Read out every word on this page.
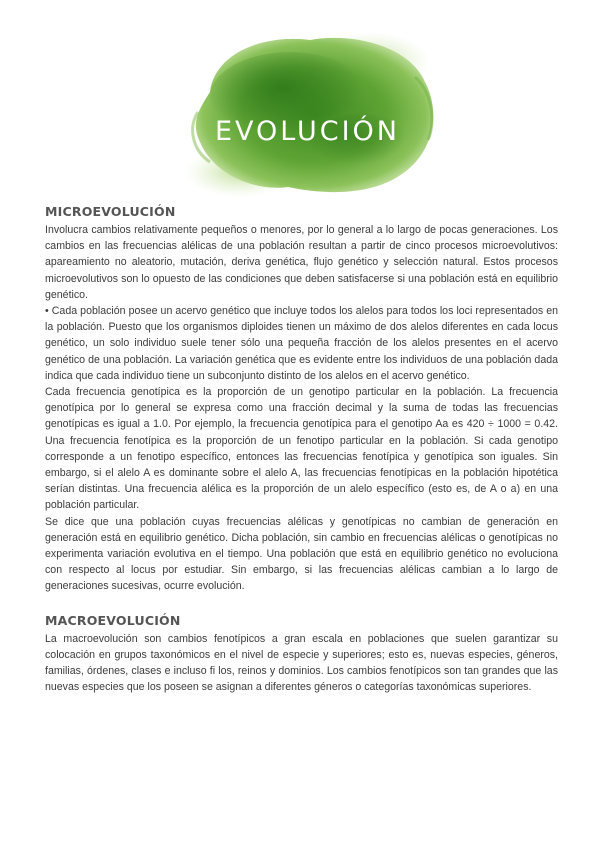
EVOLUCIÓN
MICROEVOLUCIÓN

Involucra cambios relativamente pequeños o menores, por lo general a lo largo de pocas generaciones. Los cambios en las frecuencias alélicas de una población resultan a partir de cinco procesos microevolutivos: apareamiento no aleatorio, mutación, deriva genética, flujo genético y selección natural. Estos procesos microevolutivos son lo opuesto de las condiciones que deben satisfacerse si una población está en equilibrio genético.

• Cada población posee un acervo genético que incluye todos los alelos para todos los loci representados en la población. Puesto que los organismos diploides tienen un máximo de dos alelos diferentes en cada locus genético, un solo individuo suele tener sólo una pequeña fracción de los alelos presentes en el acervo genético de una población. La variación genética que es evidente entre los individuos de una población dada indica que cada individuo tiene un subconjunto distinto de los alelos en el acervo genético.

Cada frecuencia genotípica es la proporción de un genotipo particular en la población. La frecuencia genotípica por lo general se expresa como una fracción decimal y la suma de todas las frecuencias genotípicas es igual a 1.0. Por ejemplo, la frecuencia genotípica para el genotipo Aa es 420 ÷ 1000 = 0.42. Una frecuencia fenotípica es la proporción de un fenotipo particular en la población. Si cada genotipo corresponde a un fenotipo específico, entonces las frecuencias fenotípica y genotípica son iguales. Sin embargo, si el alelo A es dominante sobre el alelo A, las frecuencias fenotípicas en la población hipotética serían distintas. Una frecuencia alélica es la proporción de un alelo específico (esto es, de A o a) en una población particular.

Se dice que una población cuyas frecuencias alélicas y genotípicas no cambian de generación en generación está en equilibrio genético. Dicha población, sin cambio en frecuencias alélicas o genotípicas no experimenta variación evolutiva en el tiempo. Una población que está en equilibrio genético no evoluciona con respecto al locus por estudiar. Sin embargo, si las frecuencias alélicas cambian a lo largo de generaciones sucesivas, ocurre evolución.

MACROEVOLUCIÓN

La macroevolución son cambios fenotípicos a gran escala en poblaciones que suelen garantizar su colocación en grupos taxonómicos en el nivel de especie y superiores; esto es, nuevas especies, géneros, familias, órdenes, clases e incluso fi los, reinos y dominios. Los cambios fenotípicos son tan grandes que las nuevas especies que los poseen se asignan a diferentes géneros o categorías taxonómicas superiores.
